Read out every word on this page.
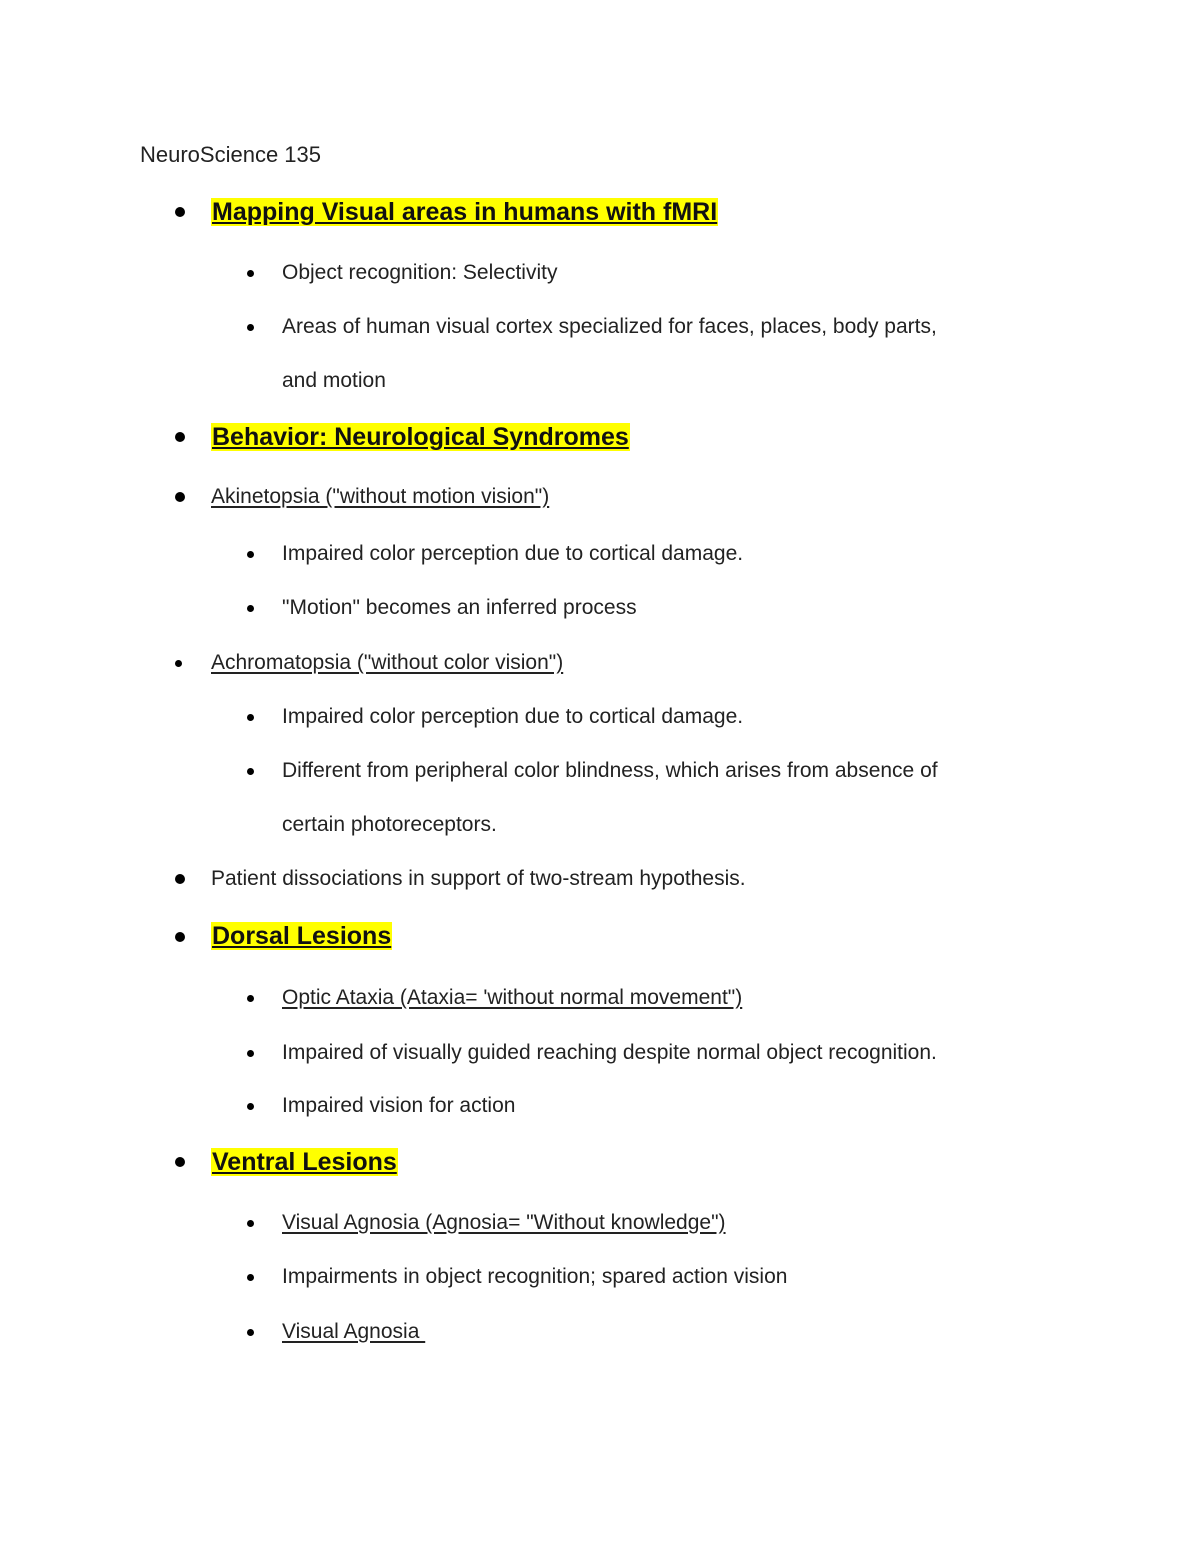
NeuroScience 135
Mapping Visual areas in humans with fMRI
Object recognition: Selectivity
Areas of human visual cortex specialized for faces, places, body parts,
and motion
Behavior: Neurological Syndromes
Akinetopsia ("without motion vision")
Impaired color perception due to cortical damage.
"Motion" becomes an inferred process
Achromatopsia ("without color vision")
Impaired color perception due to cortical damage.
Different from peripheral color blindness, which arises from absence of
certain photoreceptors.
Patient dissociations in support of two-stream hypothesis.
Dorsal Lesions
Optic Ataxia (Ataxia= 'without normal movement")
Impaired of visually guided reaching despite normal object recognition.
Impaired vision for action
Ventral Lesions
Visual Agnosia (Agnosia= "Without knowledge")
Impairments in object recognition; spared action vision
Visual Agnosia
